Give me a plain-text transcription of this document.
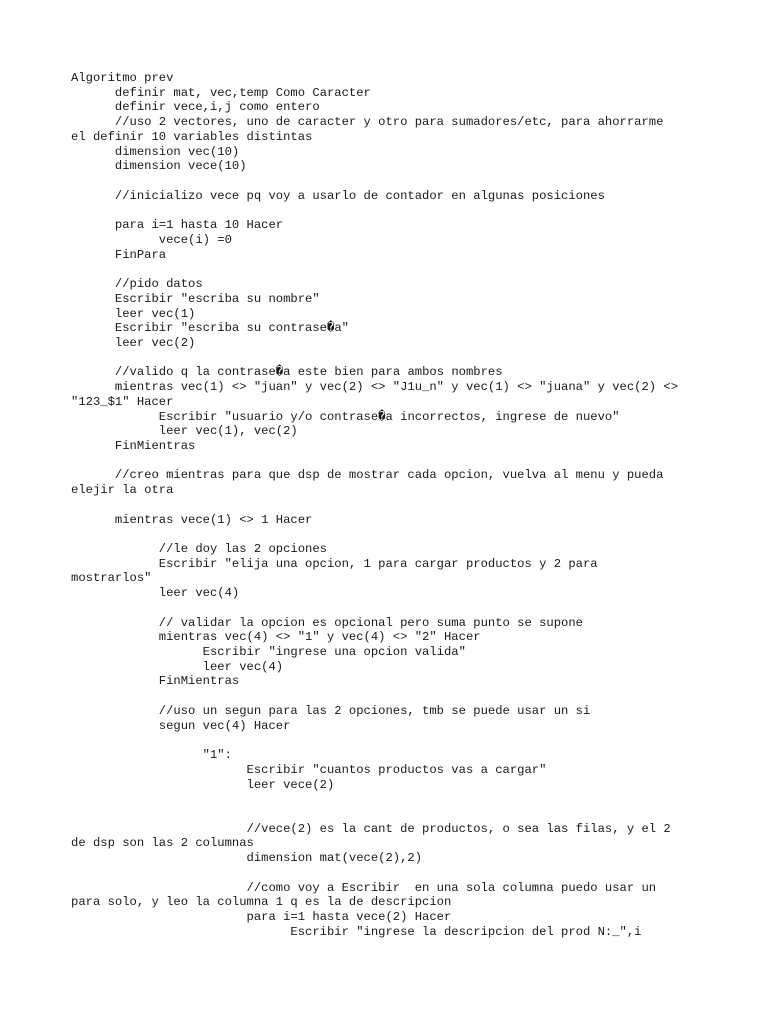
Algoritmo prev
definir mat, vec,temp Como Caracter
definir vece,i,j como entero
//uso 2 vectores, uno de caracter y otro para sumadores/etc, para ahorrarme
el definir 10 variables distintas
dimension vec(10)
dimension vece(10)
//inicializo vece pq voy a usarlo de contador en algunas posiciones
para i=1 hasta 10 Hacer
vece(i) =0
FinPara
//pido datos
Escribir "escriba su nombre"
leer vec(1)
Escribir "escriba su contrase�a"
leer vec(2)
//valido q la contrase�a este bien para ambos nombres
mientras vec(1) <> "juan" y vec(2) <> "J1u_n" y vec(1) <> "juana" y vec(2) <>
"123_$1" Hacer
Escribir "usuario y/o contrase�a incorrectos, ingrese de nuevo"
leer vec(1), vec(2)
FinMientras
//creo mientras para que dsp de mostrar cada opcion, vuelva al menu y pueda
elejir la otra
mientras vece(1) <> 1 Hacer
//le doy las 2 opciones
Escribir "elija una opcion, 1 para cargar productos y 2 para
mostrarlos"
leer vec(4)
// validar la opcion es opcional pero suma punto se supone
mientras vec(4) <> "1" y vec(4) <> "2" Hacer
Escribir "ingrese una opcion valida"
leer vec(4)
FinMientras
//uso un segun para las 2 opciones, tmb se puede usar un si
segun vec(4) Hacer
"1":
Escribir "cuantos productos vas a cargar"
leer vece(2)
//vece(2) es la cant de productos, o sea las filas, y el 2
de dsp son las 2 columnas
dimension mat(vece(2),2)
//como voy a Escribir  en una sola columna puedo usar un
para solo, y leo la columna 1 q es la de descripcion
para i=1 hasta vece(2) Hacer
Escribir "ingrese la descripcion del prod N:_",i
